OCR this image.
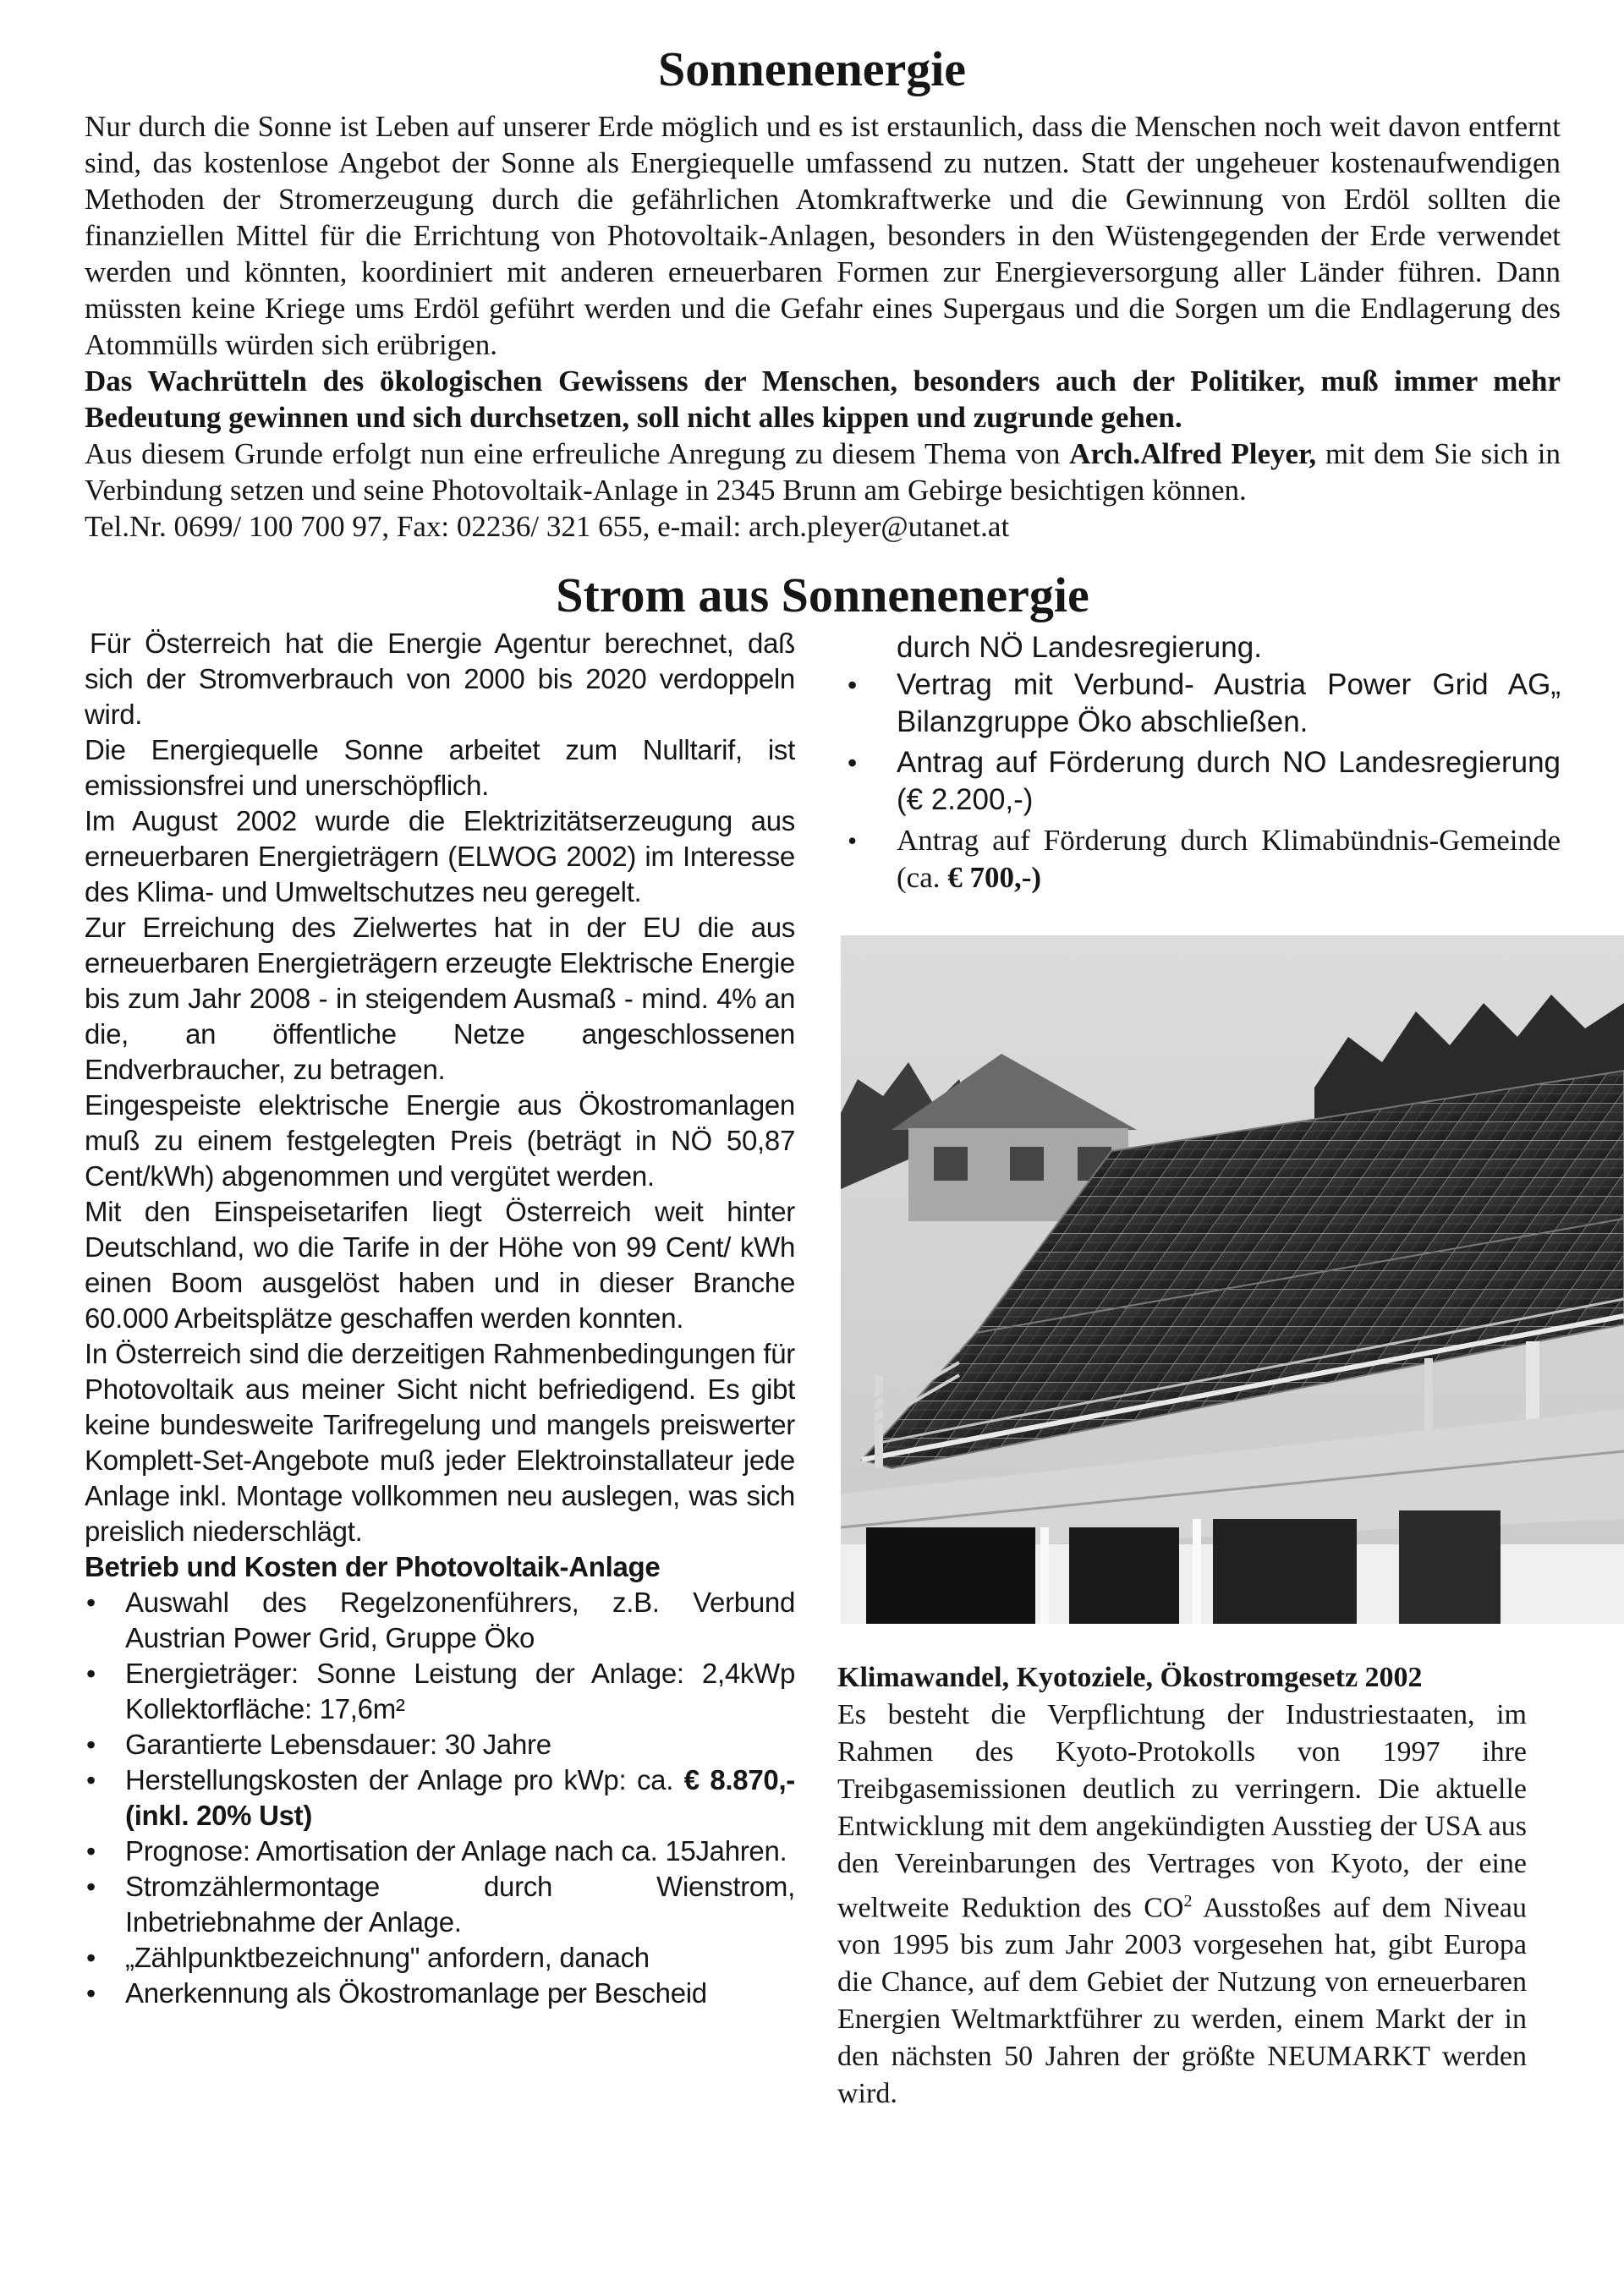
Sonnenenergie

Nur durch die Sonne ist Leben auf unserer Erde möglich und es ist erstaunlich, dass die Menschen noch weit davon entfernt sind, das kostenlose Angebot der Sonne als Energiequelle umfassend zu nutzen. Statt der ungeheuer kostenaufwendigen Methoden der Stromerzeugung durch die gefährlichen Atomkraftwerke und die Gewinnung von Erdöl sollten die finanziellen Mittel für die Errichtung von Photovoltaik-Anlagen, besonders in den Wüstengegenden der Erde verwendet werden und könnten, koordiniert mit anderen erneuerbaren Formen zur Energieversorgung aller Länder führen. Dann müssten keine Kriege ums Erdöl geführt werden und die Gefahr eines Supergaus und die Sorgen um die Endlagerung des Atommülls würden sich erübrigen.

Das Wachrütteln des ökologischen Gewissens der Menschen, besonders auch der Politiker, muß immer mehr Bedeutung gewinnen und sich durchsetzen, soll nicht alles kippen und zugrunde gehen.

Aus diesem Grunde erfolgt nun eine erfreuliche Anregung zu diesem Thema von Arch.Alfred Pleyer, mit dem Sie sich in Verbindung setzen und seine Photovoltaik-Anlage in 2345 Brunn am Gebirge besichtigen können.

Tel.Nr. 0699/ 100 700 97, Fax: 02236/ 321 655, e-mail: arch.pleyer@utanet.at

Strom aus Sonnenenergie

Für Österreich hat die Energie Agentur berechnet, daß sich der Stromverbrauch von 2000 bis 2020 verdoppeln wird.

Die Energiequelle Sonne arbeitet zum Nulltarif, ist emissionsfrei und unerschöpflich.

Im August 2002 wurde die Elektrizitätserzeugung aus erneuerbaren Energieträgern (ELWOG 2002) im Interesse des Klima- und Umweltschutzes neu geregelt.

Zur Erreichung des Zielwertes hat in der EU die aus erneuerbaren Energieträgern erzeugte Elektrische Energie bis zum Jahr 2008 - in steigendem Ausmaß - mind. 4% an die, an öffentliche Netze angeschlossenen Endverbraucher, zu betragen.

Eingespeiste elektrische Energie aus Ökostromanlagen muß zu einem festgelegten Preis (beträgt in NÖ 50,87 Cent/kWh) abgenommen und vergütet werden.

Mit den Einspeisetarifen liegt Österreich weit hinter Deutschland, wo die Tarife in der Höhe von 99 Cent/ kWh einen Boom ausgelöst haben und in dieser Branche 60.000 Arbeitsplätze geschaffen werden konnten.

In Österreich sind die derzeitigen Rahmenbedingungen für Photovoltaik aus meiner Sicht nicht befriedigend. Es gibt keine bundesweite Tarifregelung und mangels preiswerter Komplett-Set-Angebote muß jeder Elektroinstallateur jede Anlage inkl. Montage vollkommen neu auslegen, was sich preislich niederschlägt.

Betrieb und Kosten der Photovoltaik-Anlage
• Auswahl des Regelzonenführers, z.B. Verbund Austrian Power Grid, Gruppe Öko
• Energieträger: Sonne Leistung der Anlage: 2,4kWp Kollektorfläche: 17,6m²
• Garantierte Lebensdauer: 30 Jahre
• Herstellungskosten der Anlage pro kWp: ca. € 8.870,- (inkl. 20% Ust)
• Prognose: Amortisation der Anlage nach ca. 15Jahren.
• Stromzählermontage durch Wienstrom, Inbetriebnahme der Anlage.
• „Zählpunktbezeichnung" anfordern, danach
• Anerkennung als Ökostromanlage per Bescheid

durch NÖ Landesregierung.

• Vertrag mit Verbund- Austria Power Grid AG„ Bilanzgruppe Öko abschließen.
• Antrag auf Förderung durch NO Landesregierung (€ 2.200,-)
• Antrag auf Förderung durch Klimabündnis-Gemeinde (ca. € 700,-)
Klimawandel, Kyotoziele, Ökostromgesetz 2002

Es besteht die Verpflichtung der Industriestaaten, im Rahmen des Kyoto-Protokolls von 1997 ihre Treibgasemissionen deutlich zu verringern. Die aktuelle Entwicklung mit dem angekündigten Ausstieg der USA aus den Vereinbarungen des Vertrages von Kyoto, der eine weltweite Reduktion des $CO^2$ Ausstoßes auf dem Niveau von 1995 bis zum Jahr 2003 vorgesehen hat, gibt Europa die Chance, auf dem Gebiet der Nutzung von erneuerbaren Energien Weltmarktführer zu werden, einem Markt der in den nächsten 50 Jahren der größte NEUMARKT werden wird.
